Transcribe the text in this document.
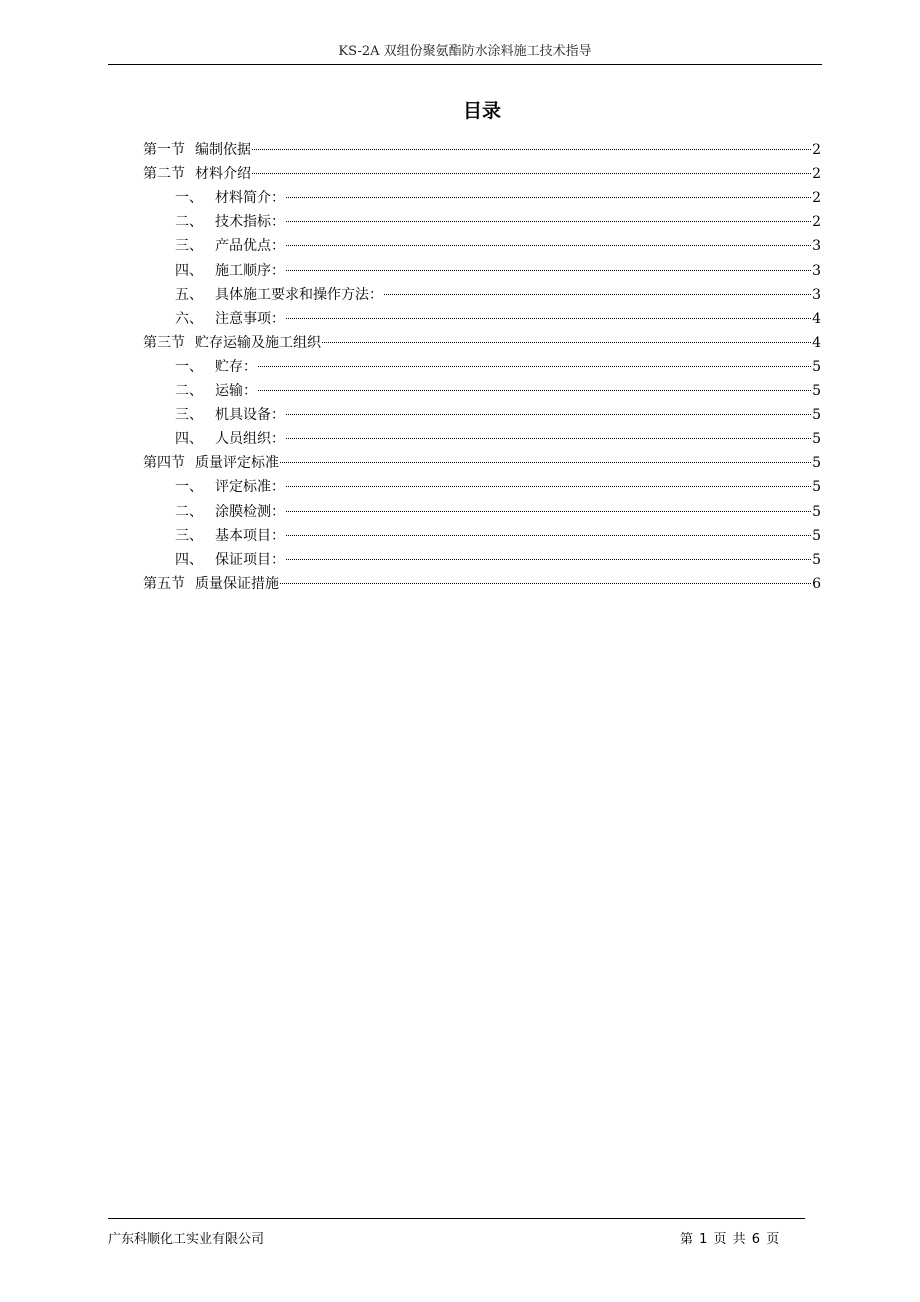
KS-2A 双组份聚氨酯防水涂料施工技术指导
目录
第一节 编制依据	2
第二节 材料介绍	2
一、 材料简介：	2
二、 技术指标：	2
三、 产品优点：	3
四、 施工顺序：	3
五、 具体施工要求和操作方法：	3
六、 注意事项：	4
第三节 贮存运输及施工组织	4
一、 贮存：	5
二、 运输：	5
三、 机具设备：	5
四、 人员组织：	5
第四节 质量评定标准	5
一、 评定标准：	5
二、 涂膜检测：	5
三、 基本项目：	5
四、 保证项目：	5
第五节 质量保证措施	6
广东科顺化工实业有限公司	第 1 页 共 6 页
